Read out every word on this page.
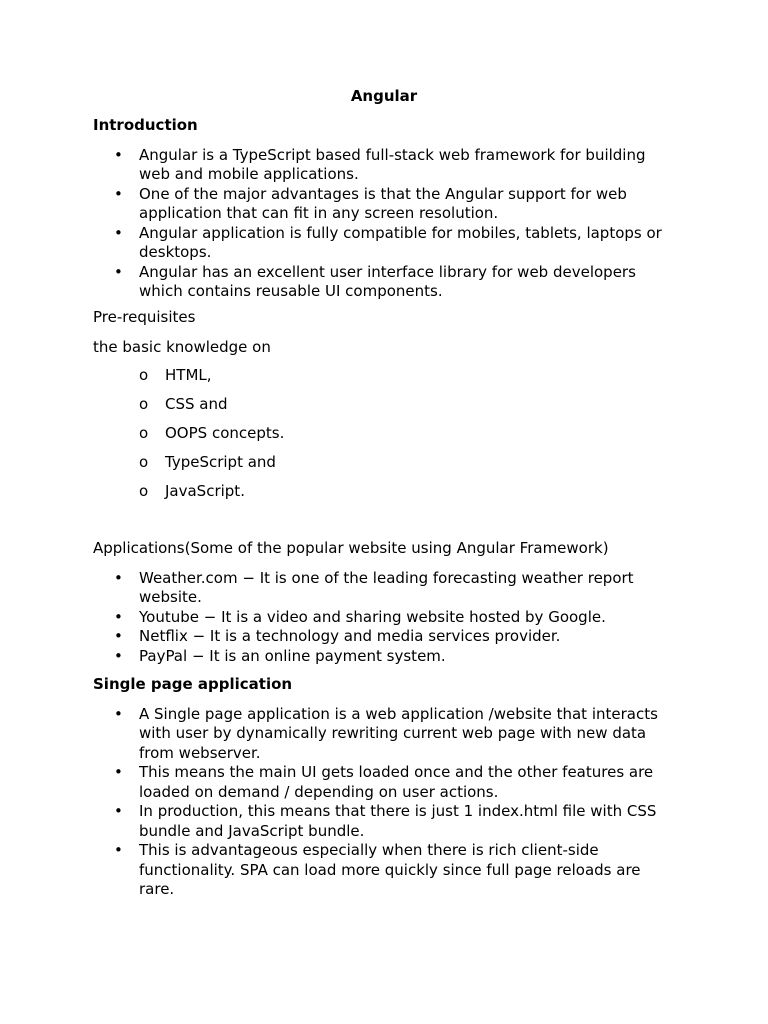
Angular

Introduction

• Angular is a TypeScript based full-stack web framework for building web and mobile applications.
• One of the major advantages is that the Angular support for web application that can fit in any screen resolution.
• Angular application is fully compatible for mobiles, tablets, laptops or desktops.
• Angular has an excellent user interface library for web developers which contains reusable UI components.

Pre-requisites

the basic knowledge on

o HTML,
o CSS and
o OOPS concepts.
o TypeScript and
o JavaScript.

Applications(Some of the popular website using Angular Framework)

• Weather.com − It is one of the leading forecasting weather report website.
• Youtube − It is a video and sharing website hosted by Google.
• Netflix − It is a technology and media services provider.
• PayPal − It is an online payment system.

Single page application

• A Single page application is a web application /website that interacts with user by dynamically rewriting current web page with new data from webserver.
• This means the main UI gets loaded once and the other features are loaded on demand / depending on user actions.
• In production, this means that there is just 1 index.html file with CSS bundle and JavaScript bundle.
• This is advantageous especially when there is rich client-side functionality. SPA can load more quickly since full page reloads are rare.
